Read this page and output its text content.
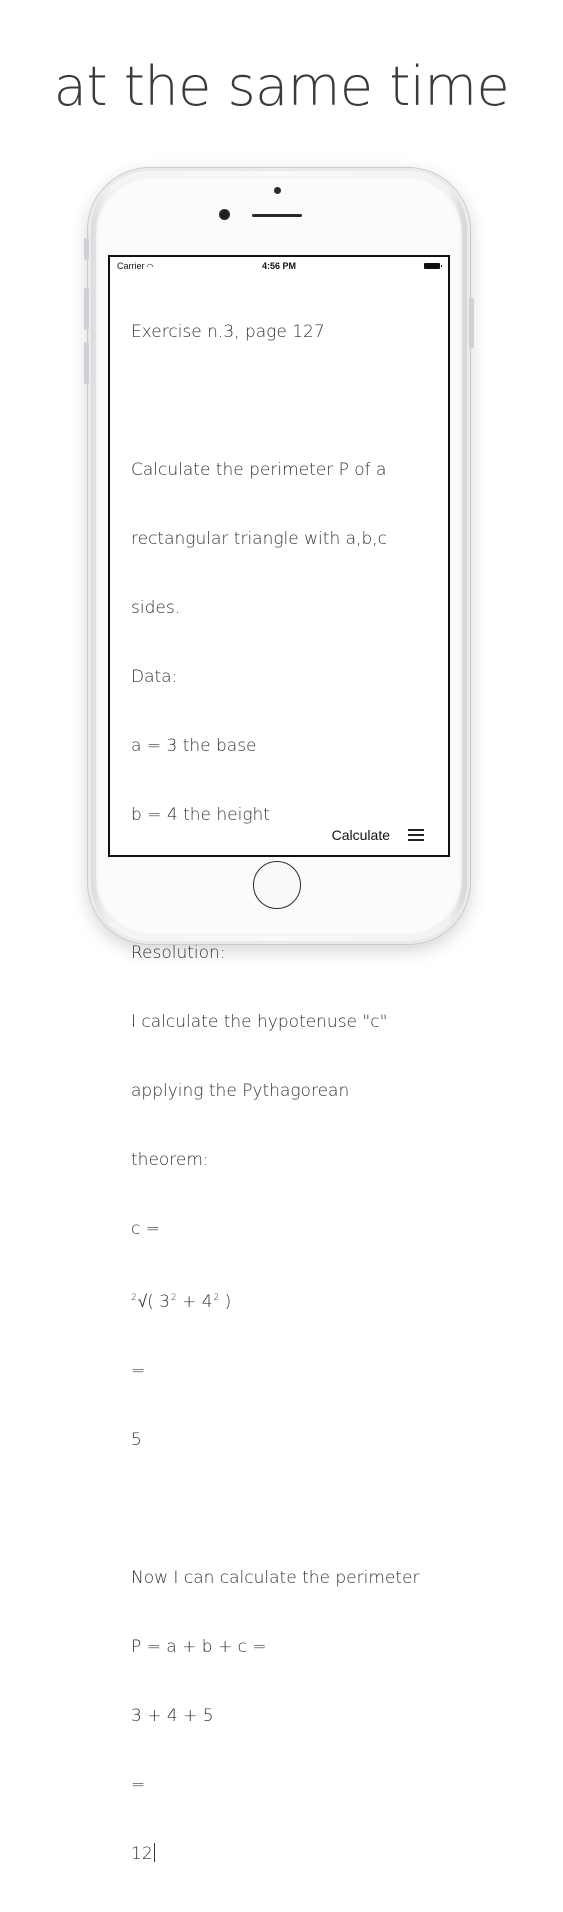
at the same time
Carrier ◠	4:56 PM

Exercise n.3, page 127

Calculate the perimeter P of a

rectangular triangle with a,b,c

sides.

Data:

a = 3 the base

b = 4 the height

Resolution:

I calculate the hypotenuse "c"

applying the Pythagorean

theorem:

c =

$^2$√( $3^2 + 4^2$ )

=

5

Now I can calculate the perimeter

P = a + b + c =

3 + 4 + 5

=

12

Calculate
